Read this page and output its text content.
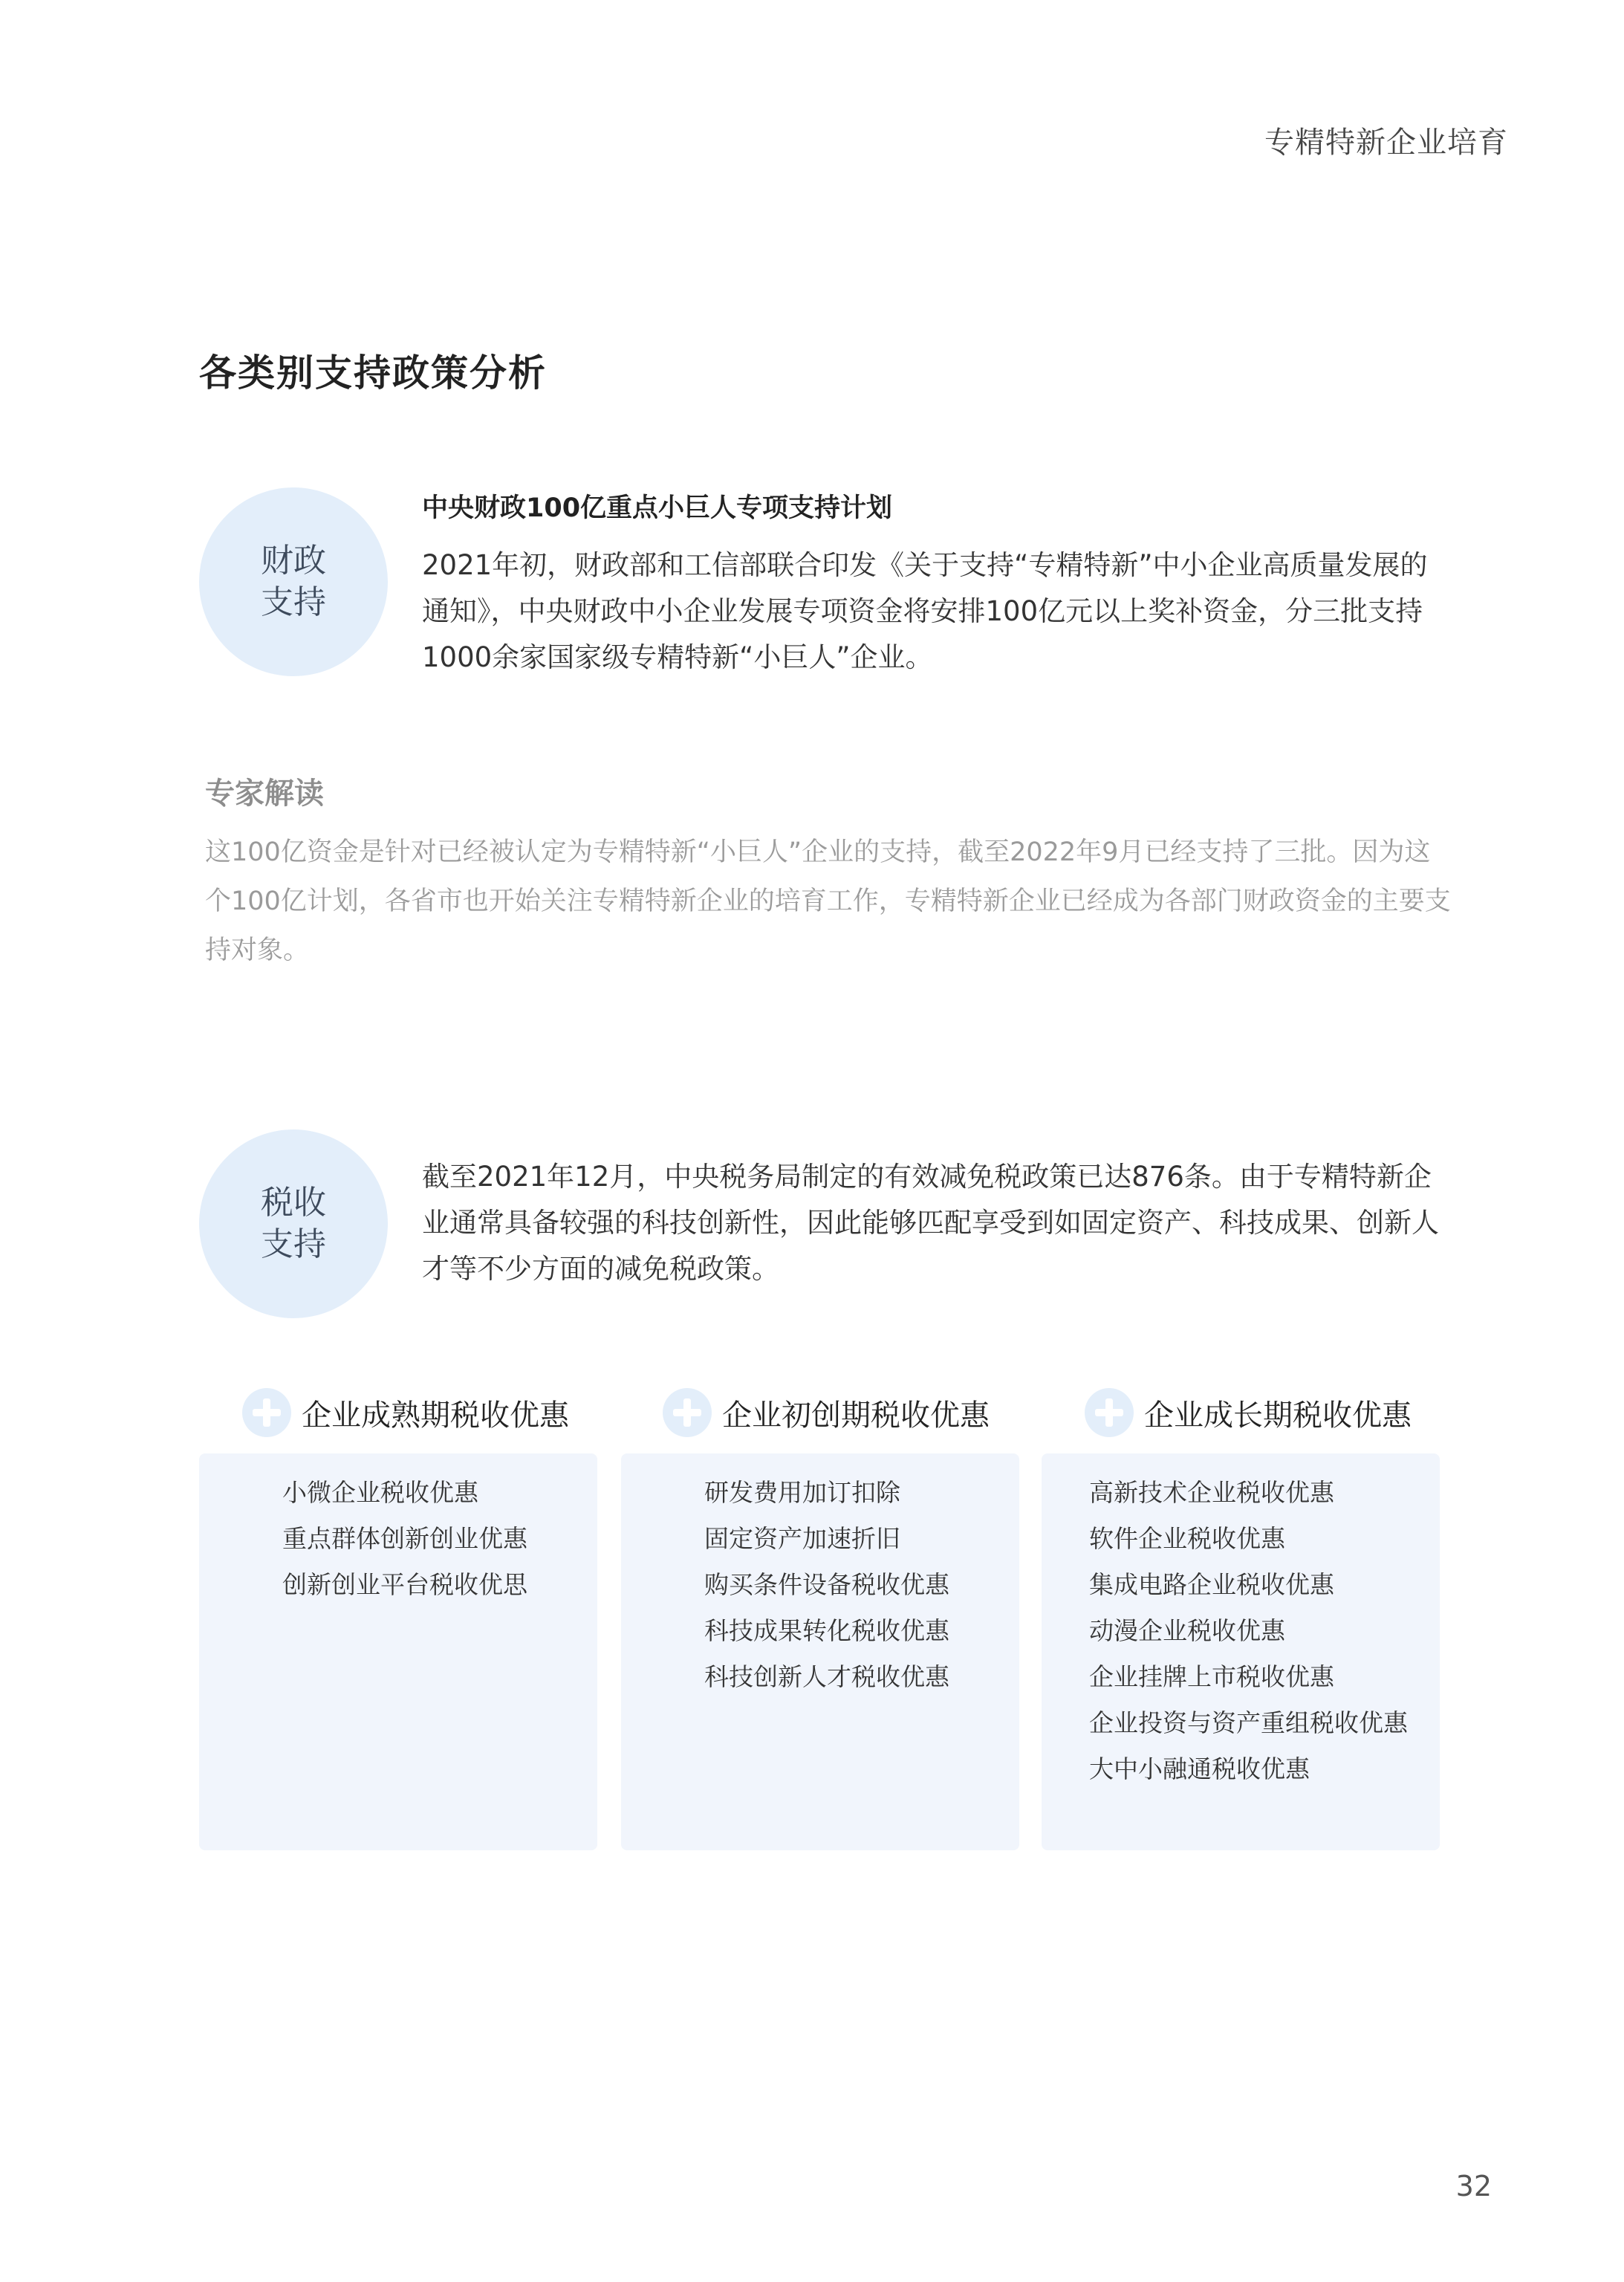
专精特新企业培育
各类别支持政策分析
财政
支持
中央财政100亿重点小巨人专项支持计划
2021年初，财政部和工信部联合印发《关于支持“专精特新”中小企业高质量发展的通知》，中央财政中小企业发展专项资金将安排100亿元以上奖补资金，分三批支持1000余家国家级专精特新“小巨人”企业。
专家解读
这100亿资金是针对已经被认定为专精特新“小巨人”企业的支持，截至2022年9月已经支持了三批。因为这个100亿计划，各省市也开始关注专精特新企业的培育工作，专精特新企业已经成为各部门财政资金的主要支持对象。
税收
支持
截至2021年12月，中央税务局制定的有效减免税政策已达876条。由于专精特新企业通常具备较强的科技创新性，因此能够匹配享受到如固定资产、科技成果、创新人才等不少方面的减免税政策。
企业成熟期税收优惠
小微企业税收优惠
重点群体创新创业优惠
创新创业平台税收优思
企业初创期税收优惠
研发费用加订扣除
固定资产加速折旧
购买条件设备税收优惠
科技成果转化税收优惠
科技创新人才税收优惠
企业成长期税收优惠
高新技术企业税收优惠
软件企业税收优惠
集成电路企业税收优惠
动漫企业税收优惠
企业挂牌上市税收优惠
企业投资与资产重组税收优惠
大中小融通税收优惠
32
